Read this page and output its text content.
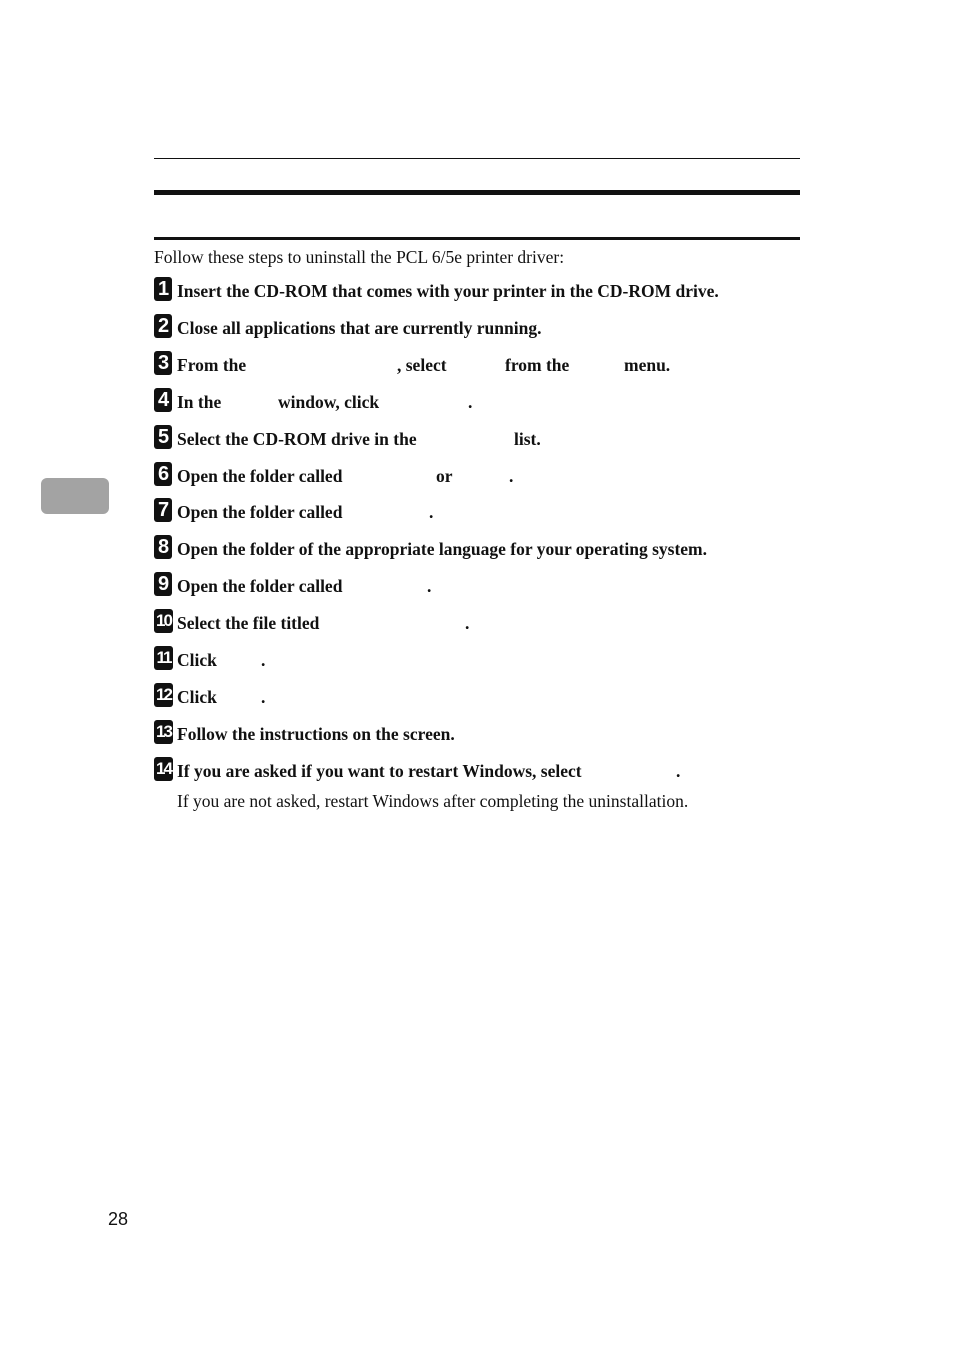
Follow these steps to uninstall the PCL 6/5e printer driver:
1 Insert the CD-ROM that comes with your printer in the CD-ROM drive.
2 Close all applications that are currently running.
3 From the	, select	from the	menu.
4 In the	window, click	.
5 Select the CD-ROM drive in the	list.
6 Open the folder called	or	.
7 Open the folder called	.
8 Open the folder of the appropriate language for your operating system.
9 Open the folder called	.
10 Select the file titled	.
11 Click	.
12 Click	.
13 Follow the instructions on the screen.
14 If you are asked if you want to restart Windows, select	.
If you are not asked, restart Windows after completing the uninstallation.
28
